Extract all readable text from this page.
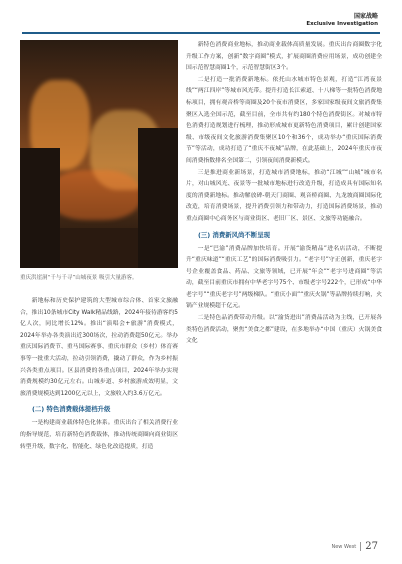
国家战略
Exclusive Investigation
重庆洪崖洞“千与千寻”山城夜景 吸引大量游客。

新地标和历史保护建筑的大型城市综合体、首家文旅融合，推出10条城市City Walk精品线路，2024年接待游客约5亿人次，同比增长12%。推出“演唱会+旅游”消费模式，2024年举办各类演出近300场次，拉动消费超50亿元。举办重庆国际消费节、重马国际赛事、重庆市群众（乡村）体育赛事等一批重大活动，拉动引领消费，撬动了群众，作为乡村振兴各类重点项目。区县消费的各重点项目，2024年举办实现消费规模约30亿元左右。山城步道、乡村旅游成效明显，文旅消费规模达到1200亿元以上，文旅收入约3.6万亿元。

(二) 特色消费载体提档升级

一是构建商业载体特色化体系。重庆出台了相关消费行业的指导规范，培育新特色消费载体，推动传统商圈向商业街区转型升级，数字化、智能化、绿色化改造提质，打造

新特色消费商业地标，推动商业载体高质量发展。重庆出台商圈数字化升级工作方案，创新“数字商圈”模式，扩展商圈消费应用场景，成功创建全国示范智慧商圈1个，示范智慧街区3个。

二是打造一批消费新地标。依托山水城市特色景观，打造“江湾夜景线”“两江四岸”等城市风光带。提升打造长江索道、十八梯等一批特色消费地标项目，拥有观音桥等商圈及20个夜市消费区，多家国家级夜间文旅消费集聚区入选全国示范，截至目前，全市共有约180个特色消费街区。对城市特色消费打造规划进行梳理，推动形成城市更新特色消费项目，累计创建国家级、市级夜间文化旅游消费集聚区10个和36个，成功举办“重庆国际消费节”等活动，成功打造了“重庆不夜城”品牌，在此基础上，2024年重庆市夜间消费指数排名全国第二，引领夜间消费新模式。

三是推进商业新场景，打造城市消费地标，推动“江城”“山城”城市名片，对山城风光、夜景等一批城市地标进行改造升级，打造成具有国际知名度的消费新地标。推动解放碑-朝天门商圈、观音桥商圈、九龙坡商圈国际化改造，培育消费场景，提升消费引领力和带动力，打造国际消费场景，推动重点商圈中心商务区与商业街区、老旧厂区、景区、文旅等功能融合。

(三) 消费新风尚不断呈现

一是“巴渝”消费品牌加快培育。开展“渝货精品”进名店活动，不断提升“重庆味道”“重庆工艺”的国际消费吸引力。“老字号”守正创新，重庆老字号企业覆盖食品、药品、文旅等领域，已开展“年会”“老字号进商圈”等活动，截至目前重庆市拥有中华老字号75个、市级老字号222个，已形成“中华老字号”“重庆老字号”两级梯队。“重庆小面”“重庆火锅”等品牌持续打响，火锅产业规模超千亿元。

二是特色品消费带动升级。以“渝货进出”消费品活动为主线，已开展各类特色消费活动，聚焦“美食之都”建设，在多地举办“中国（重庆）火锅美食文化

New West 27
